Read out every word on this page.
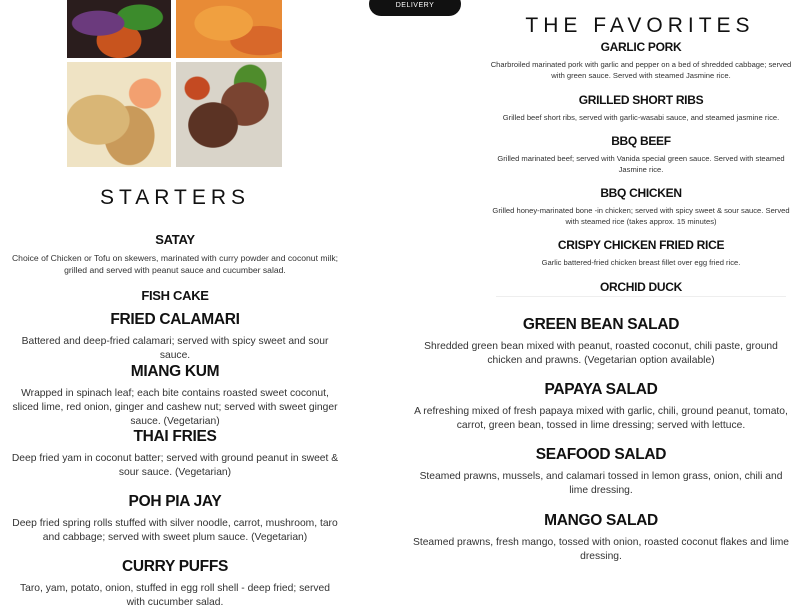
DELIVERY
STARTERS
SATAY

Choice of Chicken or Tofu on skewers, marinated with curry powder and coconut milk; grilled and served with peanut sauce and cucumber salad.

FISH CAKE
FRIED CALAMARI

Battered and deep-fried calamari; served with spicy sweet and sour sauce.

MIANG KUM

Wrapped in spinach leaf; each bite contains roasted sweet coconut, sliced lime, red onion, ginger and cashew nut; served with sweet ginger sauce. (Vegetarian)

THAI FRIES

Deep fried yam in coconut batter; served with ground peanut in sweet & sour sauce. (Vegetarian)

POH PIA JAY

Deep fried spring rolls stuffed with silver noodle, carrot, mushroom, taro and cabbage; served with sweet plum sauce. (Vegetarian)

CURRY PUFFS

Taro, yam, potato, onion, stuffed in egg roll shell - deep fried; served with cucumber salad.

THE FAVORITES
GARLIC PORK

Charbroiled marinated pork with garlic and pepper on a bed of shredded cabbage; served with green sauce. Served with steamed Jasmine rice.

GRILLED SHORT RIBS

Grilled beef short ribs, served with garlic-wasabi sauce, and steamed jasmine rice.

BBQ BEEF

Grilled marinated beef; served with Vanida special green sauce. Served with steamed Jasmine rice.

BBQ CHICKEN

Grilled honey-marinated bone -in chicken; served with spicy sweet & sour sauce. Served with steamed rice (takes approx. 15 minutes)

CRISPY CHICKEN FRIED RICE

Garlic battered-fried chicken breast fillet over egg fried rice.

ORCHID DUCK
GREEN BEAN SALAD

Shredded green bean mixed with peanut, roasted coconut, chili paste, ground chicken and prawns. (Vegetarian option available)

PAPAYA SALAD

A refreshing mixed of fresh papaya mixed with garlic, chili, ground peanut, tomato, carrot, green bean, tossed in lime dressing; served with lettuce.

SEAFOOD SALAD

Steamed prawns, mussels, and calamari tossed in lemon grass, onion, chili and lime dressing.

MANGO SALAD

Steamed prawns, fresh mango, tossed with onion, roasted coconut flakes and lime dressing.
